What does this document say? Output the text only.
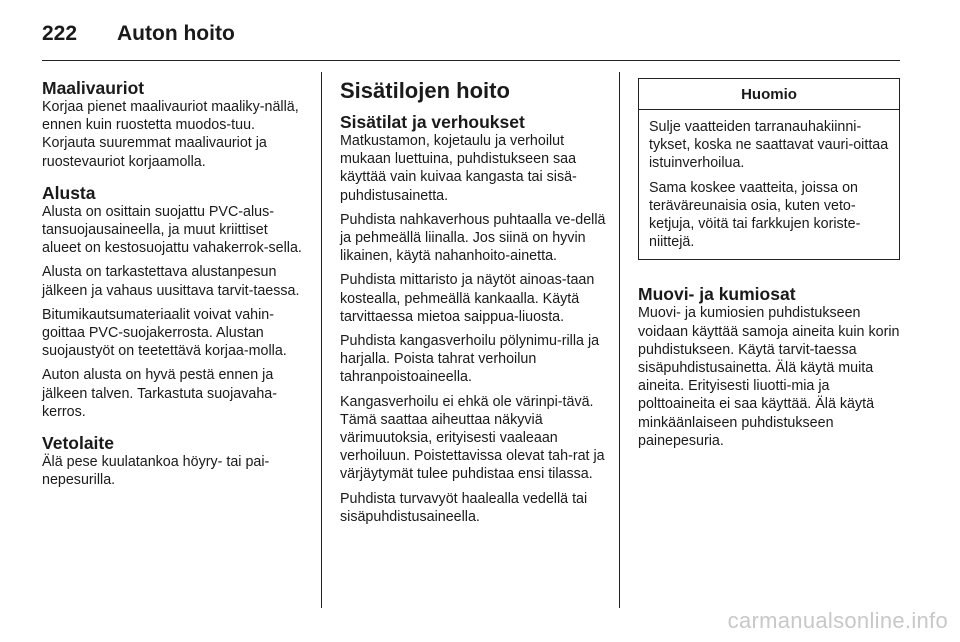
222	Auton hoito
Maalivauriot

Korjaa pienet maalivauriot maaliky-nällä, ennen kuin ruostetta muodos-tuu. Korjauta suuremmat maalivauriot ja ruostevauriot korjaamolla.

Alusta

Alusta on osittain suojattu PVC-alus-tansuojausaineella, ja muut kriittiset alueet on kestosuojattu vahakerrok-sella.

Alusta on tarkastettava alustanpesun jälkeen ja vahaus uusittava tarvit-taessa.

Bitumikautsumateriaalit voivat vahin-goittaa PVC-suojakerrosta. Alustan suojaustyöt on teetettävä korjaa-molla.

Auton alusta on hyvä pestä ennen ja jälkeen talven. Tarkastuta suojavaha-kerros.

Vetolaite

Älä pese kuulatankoa höyry- tai pai-nepesurilla.

Sisätilojen hoito
Sisätilat ja verhoukset

Matkustamon, kojetaulu ja verhoilut mukaan luettuina, puhdistukseen saa käyttää vain kuivaa kangasta tai sisä-puhdistusainetta.

Puhdista nahkaverhous puhtaalla ve-dellä ja pehmeällä liinalla. Jos siinä on hyvin likainen, käytä nahanhoito-ainetta.

Puhdista mittaristo ja näytöt ainoas-taan kostealla, pehmeällä kankaalla. Käytä tarvittaessa mietoa saippua-liuosta.

Puhdista kangasverhoilu pölynimu-rilla ja harjalla. Poista tahrat verhoilun tahranpoistoaineella.

Kangasverhoilu ei ehkä ole värinpi-tävä. Tämä saattaa aiheuttaa näkyviä värimuutoksia, erityisesti vaaleaan verhoiluun. Poistettavissa olevat tah-rat ja värjäytymät tulee puhdistaa ensi tilassa.

Puhdista turvavyöt haalealla vedellä tai sisäpuhdistusaineella.

Huomio

Sulje vaatteiden tarranauhakiinni-tykset, koska ne saattavat vauri-oittaa istuinverhoilua.

Sama koskee vaatteita, joissa on teräväreunaisia osia, kuten veto-ketjuja, vöitä tai farkkujen koriste-niittejä.

Muovi- ja kumiosat

Muovi- ja kumiosien puhdistukseen voidaan käyttää samoja aineita kuin korin puhdistukseen. Käytä tarvit-taessa sisäpuhdistusainetta. Älä käytä muita aineita. Erityisesti liuotti-mia ja polttoaineita ei saa käyttää. Älä käytä minkäänlaiseen puhdistukseen painepesuria.

carmanualsonline.info
